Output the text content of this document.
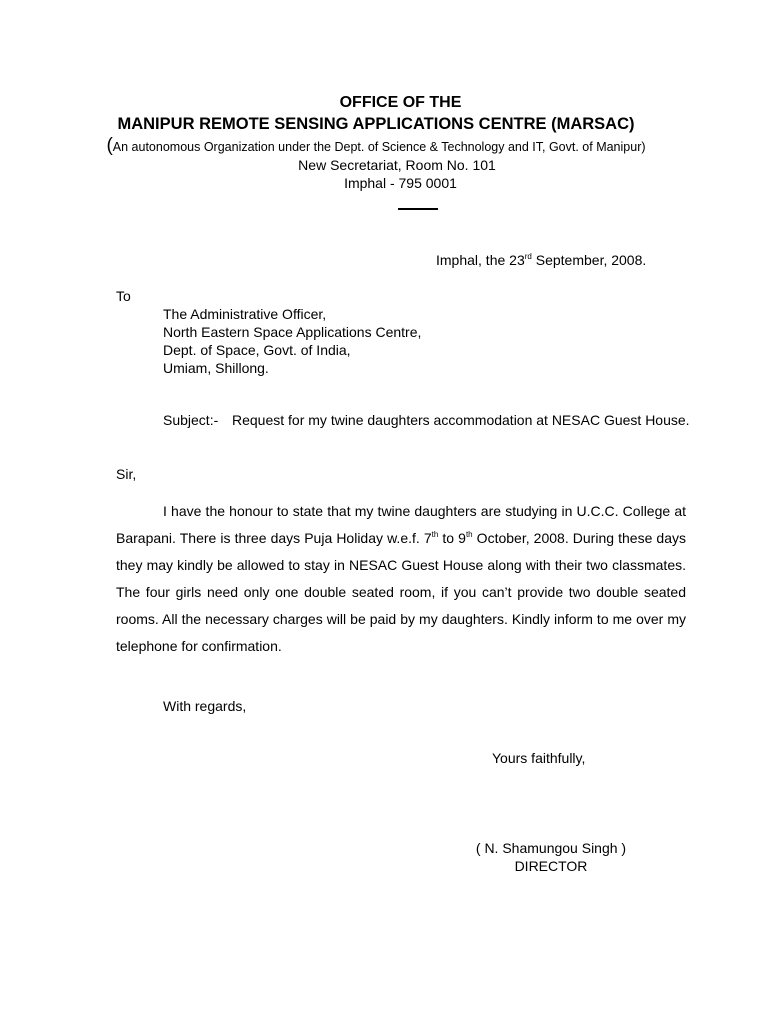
OFFICE OF THE
MANIPUR REMOTE SENSING APPLICATIONS CENTRE (MARSAC)
(An autonomous Organization under the Dept. of Science & Technology and IT, Govt. of Manipur)
New Secretariat, Room No. 101
Imphal - 795 0001
Imphal, the 23rd September, 2008.
To
The Administrative Officer,
North Eastern Space Applications Centre,
Dept. of Space, Govt. of India,
Umiam, Shillong.
Subject:- Request for my twine daughters accommodation at NESAC Guest House.
Sir,
I have the honour to state that my twine daughters are studying in U.C.C. College at Barapani. There is three days Puja Holiday w.e.f. 7th to 9th October, 2008. During these days they may kindly be allowed to stay in NESAC Guest House along with their two classmates. The four girls need only one double seated room, if you can’t provide two double seated rooms. All the necessary charges will be paid by my daughters. Kindly inform to me over my telephone for confirmation.
With regards,
Yours faithfully,
( N. Shamungou Singh )
DIRECTOR
